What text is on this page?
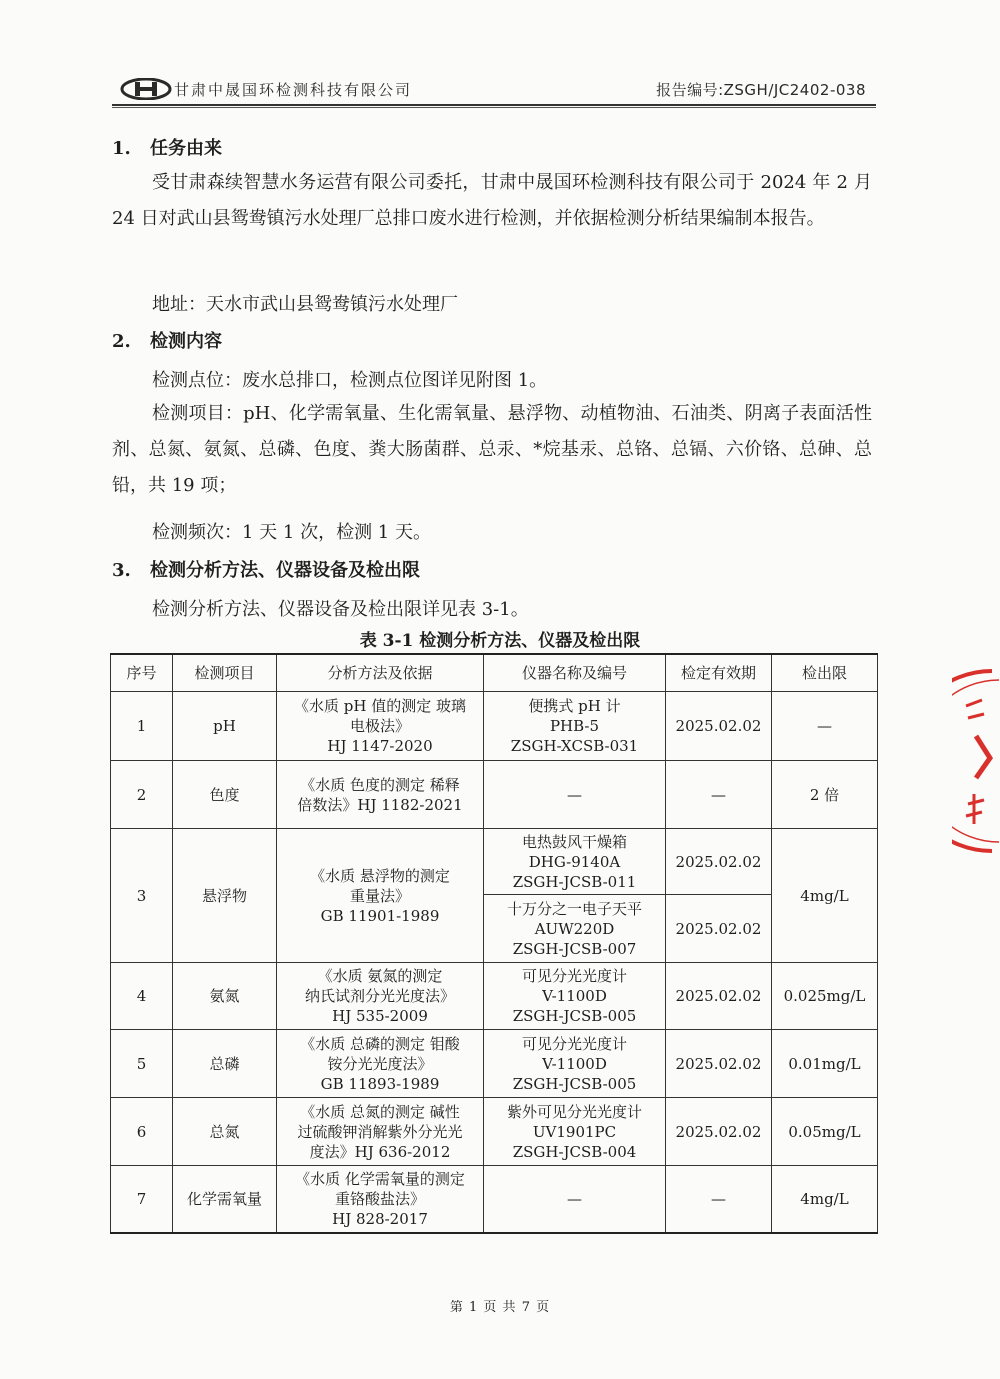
甘肃中晟国环检测科技有限公司	报告编号:ZSGH/JC2402-038
1. 任务由来
受甘肃森续智慧水务运营有限公司委托，甘肃中晟国环检测科技有限公司于 2024 年 2 月 24 日对武山县鸳鸯镇污水处理厂总排口废水进行检测，并依据检测分析结果编制本报告。
地址：天水市武山县鸳鸯镇污水处理厂
2. 检测内容
检测点位：废水总排口，检测点位图详见附图 1。
检测项目：pH、化学需氧量、生化需氧量、悬浮物、动植物油、石油类、阴离子表面活性剂、总氮、氨氮、总磷、色度、粪大肠菌群、总汞、*烷基汞、总铬、总镉、六价铬、总砷、总铅，共 19 项；
检测频次：1 天 1 次，检测 1 天。
3. 检测分析方法、仪器设备及检出限
检测分析方法、仪器设备及检出限详见表 3-1。
表 3-1 检测分析方法、仪器及检出限
序号	检测项目	分析方法及依据	仪器名称及编号	检定有效期	检出限
1	pH	《水质 pH 值的测定 玻璃
电极法》
HJ 1147-2020	便携式 pH 计
PHB-5
ZSGH-XCSB-031	2025.02.02	—
2	色度	《水质 色度的测定 稀释
倍数法》HJ 1182-2021	—	—	2 倍
3	悬浮物	《水质 悬浮物的测定
重量法》
GB 11901-1989	电热鼓风干燥箱
DHG-9140A
ZSGH-JCSB-011	2025.02.02	4mg/L

			十万分之一电子天平
AUW220D
ZSGH-JCSB-007	2025.02.02	
4	氨氮	《水质 氨氮的测定
纳氏试剂分光光度法》
HJ 535-2009	可见分光光度计
V-1100D
ZSGH-JCSB-005	2025.02.02	0.025mg/L
5	总磷	《水质 总磷的测定 钼酸
铵分光光度法》
GB 11893-1989	可见分光光度计
V-1100D
ZSGH-JCSB-005	2025.02.02	0.01mg/L
6	总氮	《水质 总氮的测定 碱性
过硫酸钾消解紫外分光光
度法》HJ 636-2012	紫外可见分光光度计
UV1901PC
ZSGH-JCSB-004	2025.02.02	0.05mg/L
7	化学需氧量	《水质 化学需氧量的测定
重铬酸盐法》
HJ 828-2017	—	—	4mg/L
第 1 页 共 7 页
